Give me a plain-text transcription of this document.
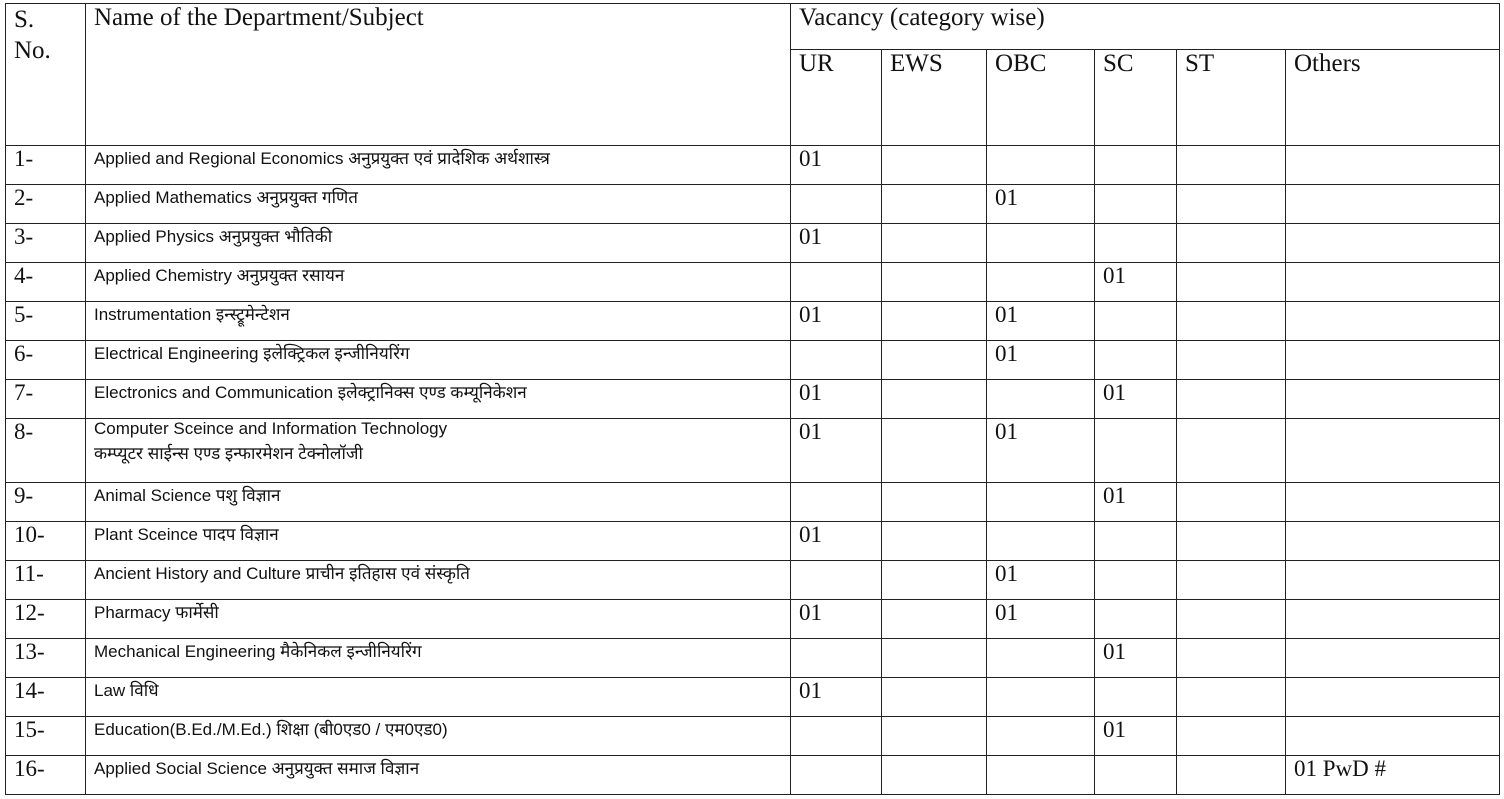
S.
No.	Name of the Department/Subject	Vacancy (category wise)					
		UR	EWS	OBC	SC	ST	Others
1-	Applied and Regional Economics अनुप्रयुक्त एवं प्रादेशिक अर्थशास्त्र	01					
2-	Applied Mathematics अनुप्रयुक्त गणित			01			
3-	Applied Physics अनुप्रयुक्त भौतिकी	01					
4-	Applied Chemistry अनुप्रयुक्त रसायन				01		
5-	Instrumentation इन्स्ट्रूमेन्टेशन	01		01			
6-	Electrical Engineering इलेक्ट्रिकल इन्जीनियरिंग			01			
7-	Electronics and Communication इलेक्ट्रानिक्स एण्ड कम्यूनिकेशन	01			01		
8-	Computer Sceince and Information Technology
कम्प्यूटर साईन्स एण्ड इन्फारमेशन टेक्नोलॉजी	01		01			
9-	Animal Science पशु विज्ञान				01		
10-	Plant Sceince पादप विज्ञान	01					
11-	Ancient History and Culture प्राचीन इतिहास एवं संस्कृति			01			
12-	Pharmacy फार्मेसी	01		01			
13-	Mechanical Engineering मैकेनिकल इन्जीनियरिंग				01		
14-	Law विधि	01					
15-	Education(B.Ed./M.Ed.) शिक्षा (बी0एड0 / एम0एड0)				01		
16-	Applied Social Science अनुप्रयुक्त समाज विज्ञान						01 PwD #
